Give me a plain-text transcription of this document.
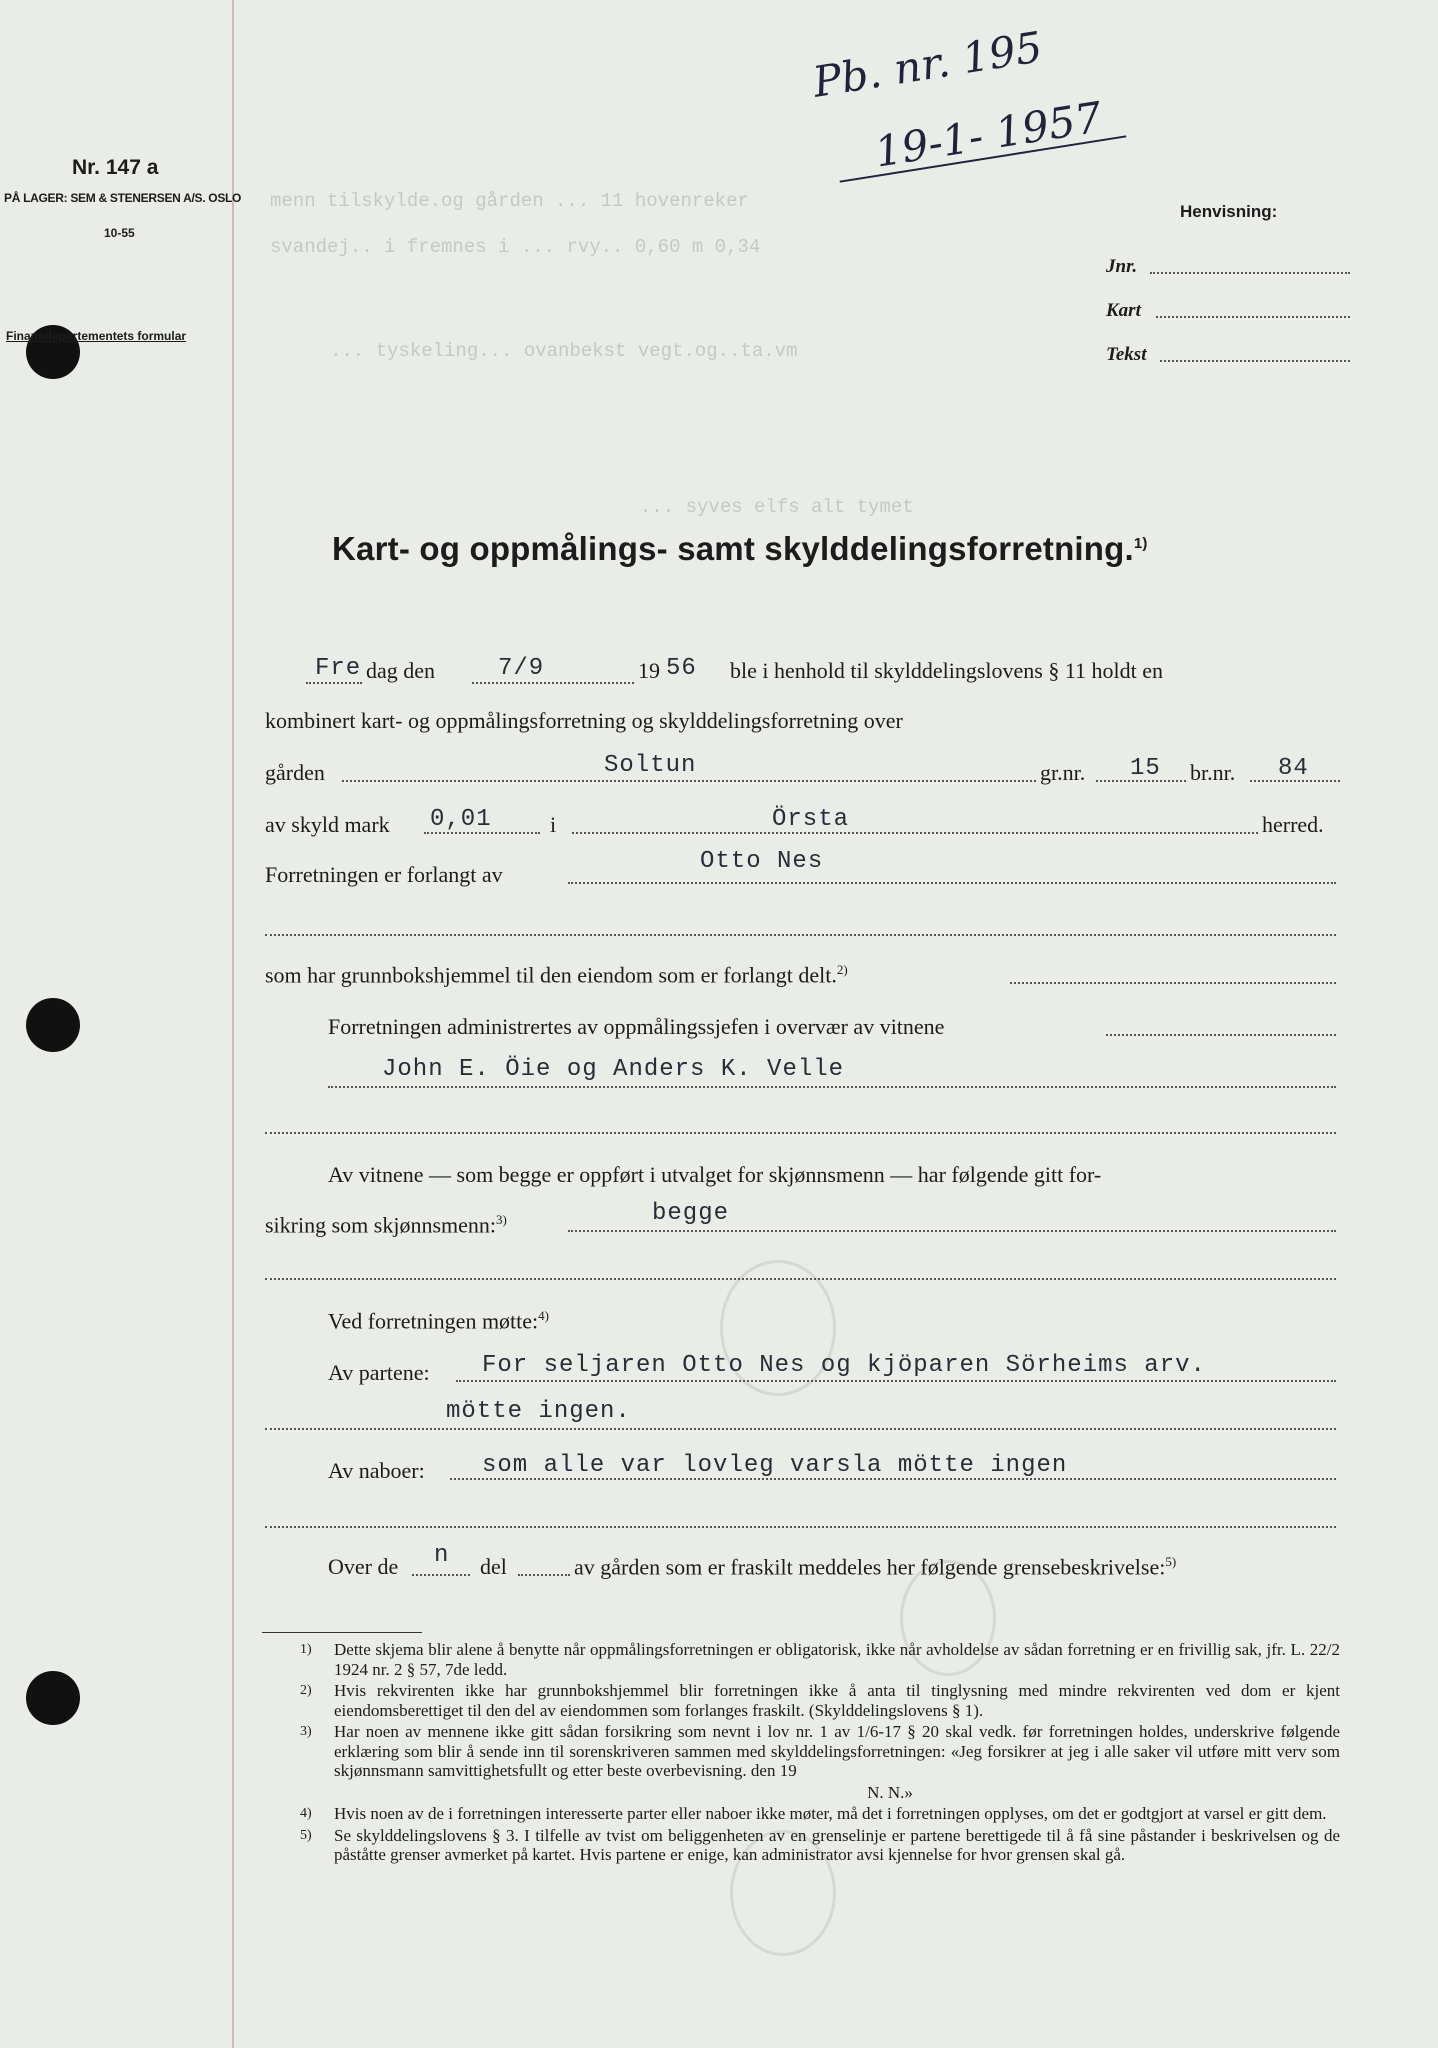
Nr. 147 a
PÅ LAGER: SEM & STENERSEN A/S. OSLO
10-55
Finansdepartementets formular
Pb. nr. 195
19-1- 1957
menn tilskylde.og gården ... 11 hovenreker
svandej.. i fremnes i ... rvy.. 0,60 m 0,34
... tyskeling... ovanbekst vegt.og..ta.vm
... syves elfs alt tymet
Henvisning:
Jnr.
Kart
Tekst
Kart- og oppmålings- samt skylddelingsforretning.$^{1)}$
Fre dag den	7/9	19 56 ble i henhold til skylddelingslovens § 11 holdt en
kombinert kart- og oppmålingsforretning og skylddelingsforretning over
gården	Soltun	gr.nr. 15 br.nr. 84
av skyld mark 0,01	i	Örsta	herred.
Forretningen er forlangt av	Otto Nes
som har grunnbokshjemmel til den eiendom som er forlangt delt.$^{2)}$
Forretningen administrertes av oppmålingssjefen i overvær av vitnene
John E. Öie og Anders K. Velle
Av vitnene — som begge er oppført i utvalget for skjønnsmenn — har følgende gitt for-
sikring som skjønnsmenn:$^{3)}$	begge
Ved forretningen møtte:$^{4)}$
Av partene: For seljaren Otto Nes og kjöparen Sörheims arv.
mötte ingen.
Av naboer: som alle var lovleg varsla mötte ingen
Over de n del	av gården som er fraskilt meddeles her følgende grensebeskrivelse:$^{5)}$
1) Dette skjema blir alene å benytte når oppmålingsforretningen er obligatorisk, ikke når avholdelse av sådan forretning er en frivillig sak, jfr. L. 22/2 1924 nr. 2 § 57, 7de ledd.
2) Hvis rekvirenten ikke har grunnbokshjemmel blir forretningen ikke å anta til tinglysning med mindre rekvirenten ved dom er kjent eiendomsberettiget til den del av eiendommen som forlanges fraskilt. (Skylddelingslovens § 1).
3) Har noen av mennene ikke gitt sådan forsikring som nevnt i lov nr. 1 av 1/6-17 § 20 skal vedk. før forretningen holdes, underskrive følgende erklæring som blir å sende inn til sorenskriveren sammen med skylddelingsforretningen: «Jeg forsikrer at jeg i alle saker vil utføre mitt verv som skjønnsmann samvittighetsfullt og etter beste overbevisning. den 19
N. N.»
4) Hvis noen av de i forretningen interesserte parter eller naboer ikke møter, må det i forretningen opplyses, om det er godtgjort at varsel er gitt dem.
5) Se skylddelingslovens § 3. I tilfelle av tvist om beliggenheten av en grenselinje er partene berettigede til å få sine påstander i beskrivelsen og de påståtte grenser avmerket på kartet. Hvis partene er enige, kan administrator avsi kjennelse for hvor grensen skal gå.
